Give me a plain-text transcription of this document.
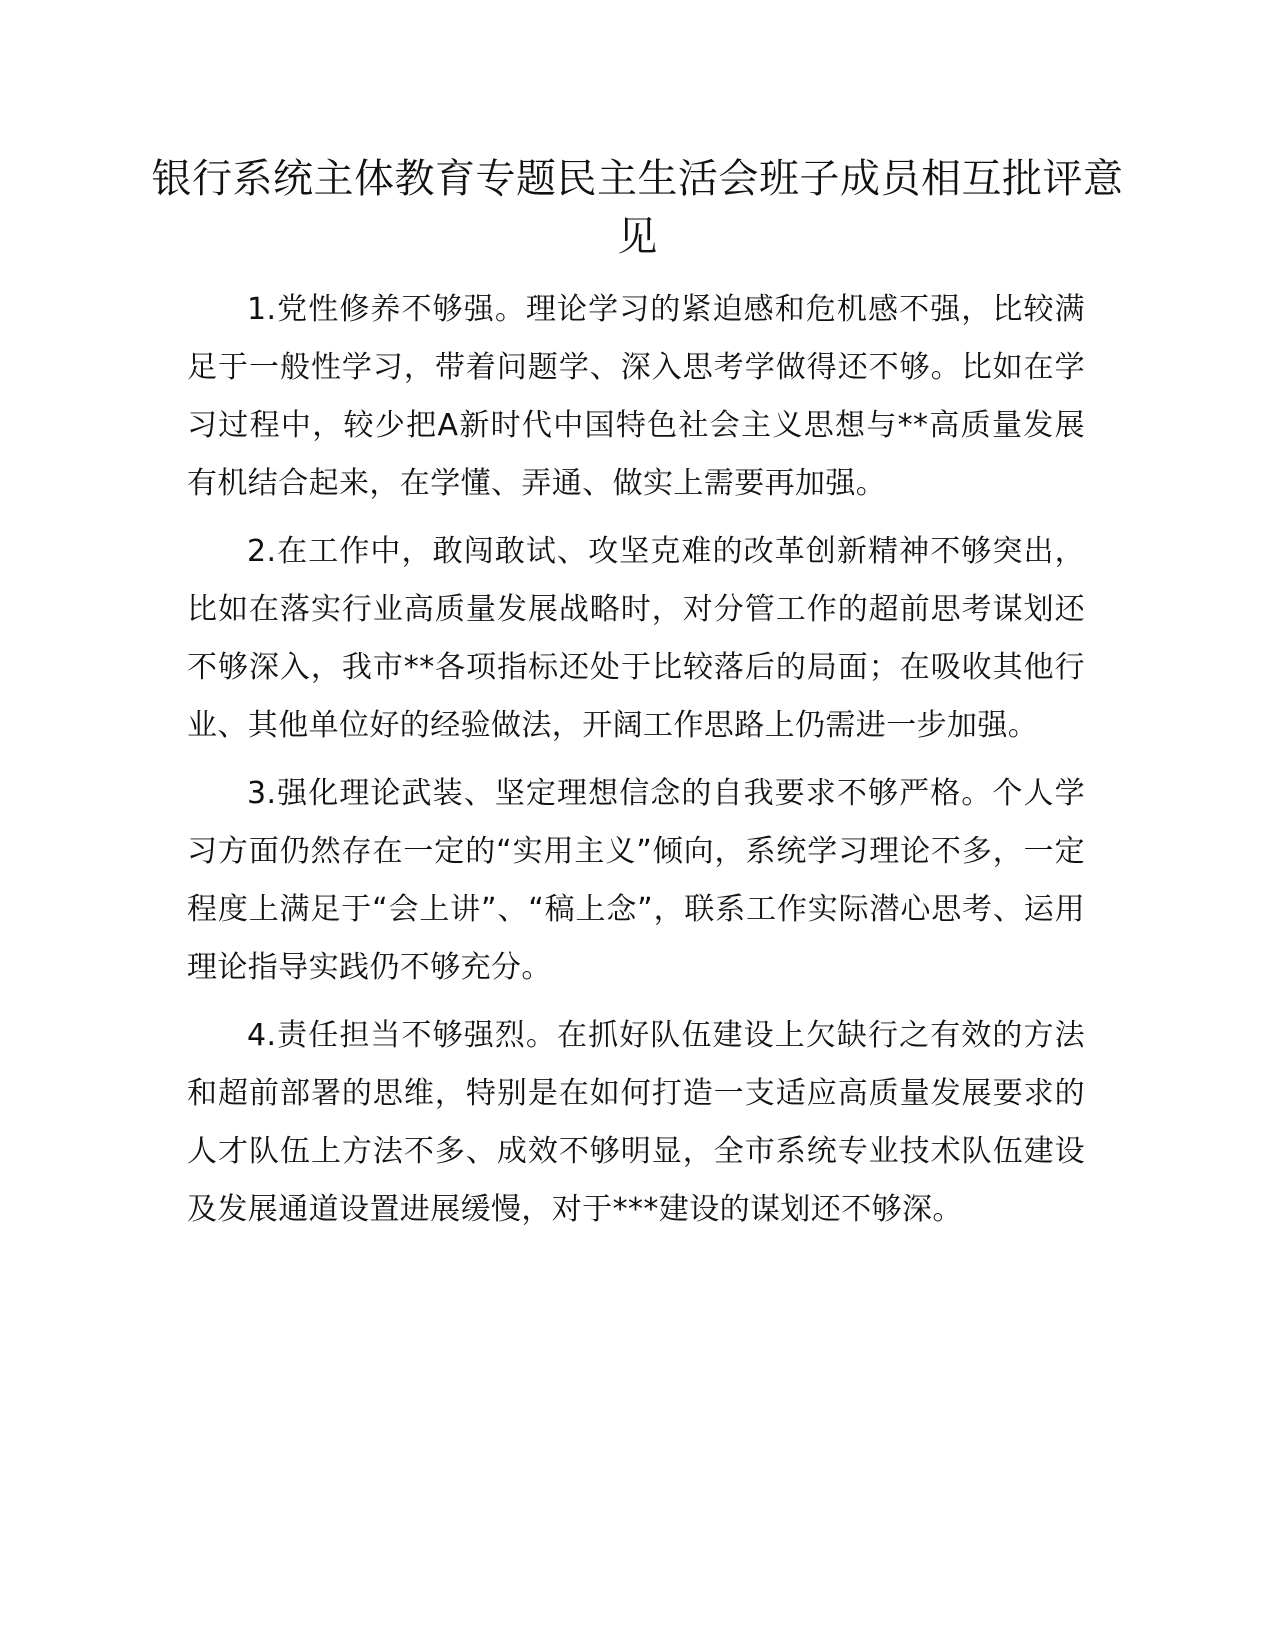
银行系统主体教育专题民主生活会班子成员相互批评意见

1.党性修养不够强。理论学习的紧迫感和危机感不强，比较满足于一般性学习，带着问题学、深入思考学做得还不够。比如在学习过程中，较少把A新时代中国特色社会主义思想与**高质量发展有机结合起来，在学懂、弄通、做实上需要再加强。

2.在工作中，敢闯敢试、攻坚克难的改革创新精神不够突出，比如在落实行业高质量发展战略时，对分管工作的超前思考谋划还不够深入，我市**各项指标还处于比较落后的局面；在吸收其他行业、其他单位好的经验做法，开阔工作思路上仍需进一步加强。

3.强化理论武装、坚定理想信念的自我要求不够严格。个人学习方面仍然存在一定的“实用主义”倾向，系统学习理论不多，一定程度上满足于“会上讲”、“稿上念”，联系工作实际潜心思考、运用理论指导实践仍不够充分。

4.责任担当不够强烈。在抓好队伍建设上欠缺行之有效的方法和超前部署的思维，特别是在如何打造一支适应高质量发展要求的人才队伍上方法不多、成效不够明显，全市系统专业技术队伍建设及发展通道设置进展缓慢，对于***建设的谋划还不够深。
